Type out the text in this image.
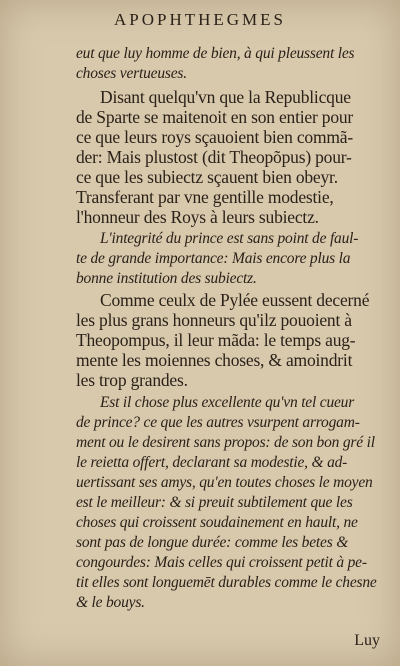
APOPHTHEGMES
eut que luy homme de bien, à qui pleussent les
choses vertueuses.
Disant quelqu'vn que la Republicque
de Sparte se maitenoit en son entier pour
ce que leurs roys sçauoient bien commã-
der: Mais plustost (dit Theopõpus) pour-
ce que les subiectz sçauent bien obeyr.
Transferant par vne gentille modestie,
l'honneur des Roys à leurs subiectz.
L'integrité du prince est sans point de faul-
te de grande importance: Mais encore plus la
bonne institution des subiectz.
Comme ceulx de Pylée eussent decerné
les plus grans honneurs qu'ilz pouoient à
Theopompus, il leur mãda: le temps aug-
mente les moiennes choses, & amoindrit
les trop grandes.
Est il chose plus excellente qu'vn tel cueur
de prince? ce que les autres vsurpent arrogam-
ment ou le desirent sans propos: de son bon gré il
le reietta offert, declarant sa modestie, & ad-
uertissant ses amys, qu'en toutes choses le moyen
est le meilleur: & si preuit subtilement que les
choses qui croissent soudainement en hault, ne
sont pas de longue durée: comme les betes &
congourdes: Mais celles qui croissent petit à pe-
tit elles sont longuemēt durables comme le chesne
& le bouys.
Luy
